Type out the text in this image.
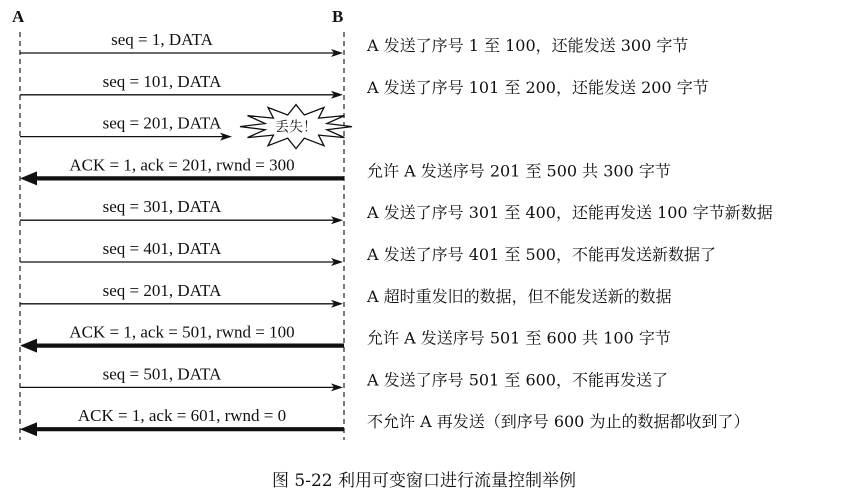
A	B
seq = 1, DATA	A 发送了序号 1 至 100，还能发送 300 字节
seq = 101, DATA	A 发送了序号 101 至 200，还能发送 200 字节
seq = 201, DATA	丢失！
ACK = 1, ack = 201, rwnd = 300	允许 A 发送序号 201 至 500 共 300 字节
seq = 301, DATA	A 发送了序号 301 至 400，还能再发送 100 字节新数据
seq = 401, DATA	A 发送了序号 401 至 500，不能再发送新数据了
seq = 201, DATA	A 超时重发旧的数据，但不能发送新的数据
ACK = 1, ack = 501, rwnd = 100	允许 A 发送序号 501 至 600 共 100 字节
seq = 501, DATA	A 发送了序号 501 至 600，不能再发送了
ACK = 1, ack = 601, rwnd = 0	不允许 A 再发送（到序号 600 为止的数据都收到了）
图 5-22 利用可变窗口进行流量控制举例
